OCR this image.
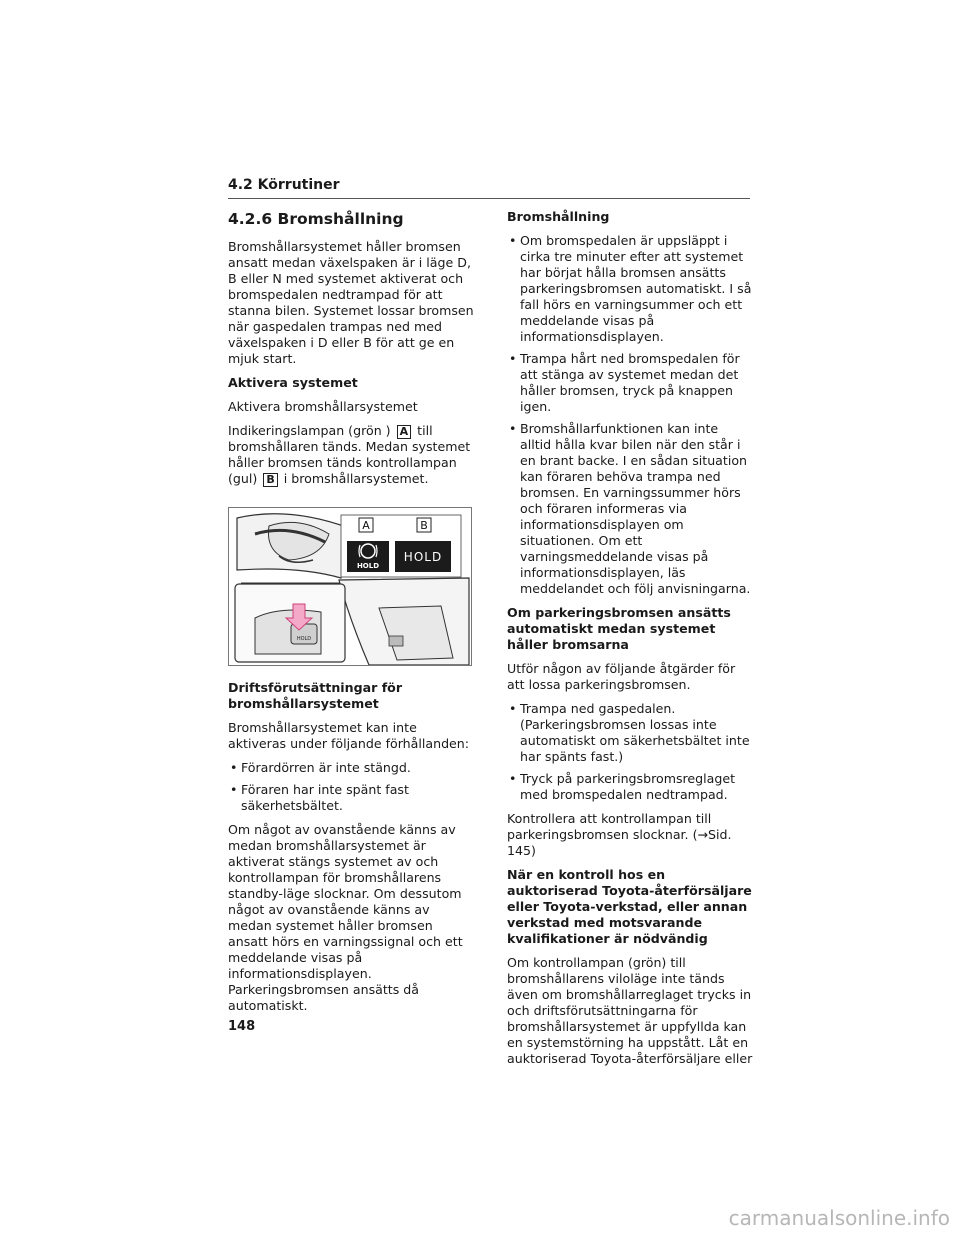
4.2 Körrutiner
4.2.6 Bromshållning

Bromshållarsystemet håller bromsen ansatt medan växelspaken är i läge D, B eller N med systemet aktiverat och bromspedalen nedtrampad för att stanna bilen. Systemet lossar bromsen när gaspedalen trampas ned med växelspaken i D eller B för att ge en mjuk start.

Aktivera systemet

Aktivera bromshållarsystemet

Indikeringslampan (grön ) A till bromshållaren tänds. Medan systemet håller bromsen tänds kontrollampan (gul) B i bromshållarsystemet.

HOLD
A	B
HOLD
HOLD

Driftsförutsättningar för bromshållarsystemet

Bromshållarsystemet kan inte aktiveras under följande förhållanden:

• Förardörren är inte stängd.
• Föraren har inte spänt fast säkerhetsbältet.

Om något av ovanstående känns av medan bromshållarsystemet är aktiverat stängs systemet av och kontrollampan för bromshållarens standby-läge slocknar. Om dessutom något av ovanstående känns av medan systemet håller bromsen ansatt hörs en varningssignal och ett meddelande visas på informationsdisplayen. Parkeringsbromsen ansätts då automatiskt.

Bromshållning

• Om bromspedalen är uppsläppt i cirka tre minuter efter att systemet har börjat hålla bromsen ansätts parkeringsbromsen automatiskt. I så fall hörs en varningsummer och ett meddelande visas på informationsdisplayen.
• Trampa hårt ned bromspedalen för att stänga av systemet medan det håller bromsen, tryck på knappen igen.
• Bromshållarfunktionen kan inte alltid hålla kvar bilen när den står i en brant backe. I en sådan situation kan föraren behöva trampa ned bromsen. En varningssummer hörs och föraren informeras via informationsdisplayen om situationen. Om ett varningsmeddelande visas på informationsdisplayen, läs meddelandet och följ anvisningarna.

Om parkeringsbromsen ansätts automatiskt medan systemet håller bromsarna

Utför någon av följande åtgärder för att lossa parkeringsbromsen.

• Trampa ned gaspedalen. (Parkeringsbromsen lossas inte automatiskt om säkerhetsbältet inte har spänts fast.)
• Tryck på parkeringsbromsreglaget med bromspedalen nedtrampad.

Kontrollera att kontrollampan till parkeringsbromsen slocknar. (→Sid. 145)

När en kontroll hos en auktoriserad Toyota-återförsäljare eller Toyota-verkstad, eller annan verkstad med motsvarande kvalifikationer är nödvändig

Om kontrollampan (grön) till bromshållarens viloläge inte tänds även om bromshållarreglaget trycks in och driftsförutsättningarna för bromshållarsystemet är uppfyllda kan en systemstörning ha uppstått. Låt en auktoriserad Toyota-återförsäljare eller

148
carmanualsonline.info
